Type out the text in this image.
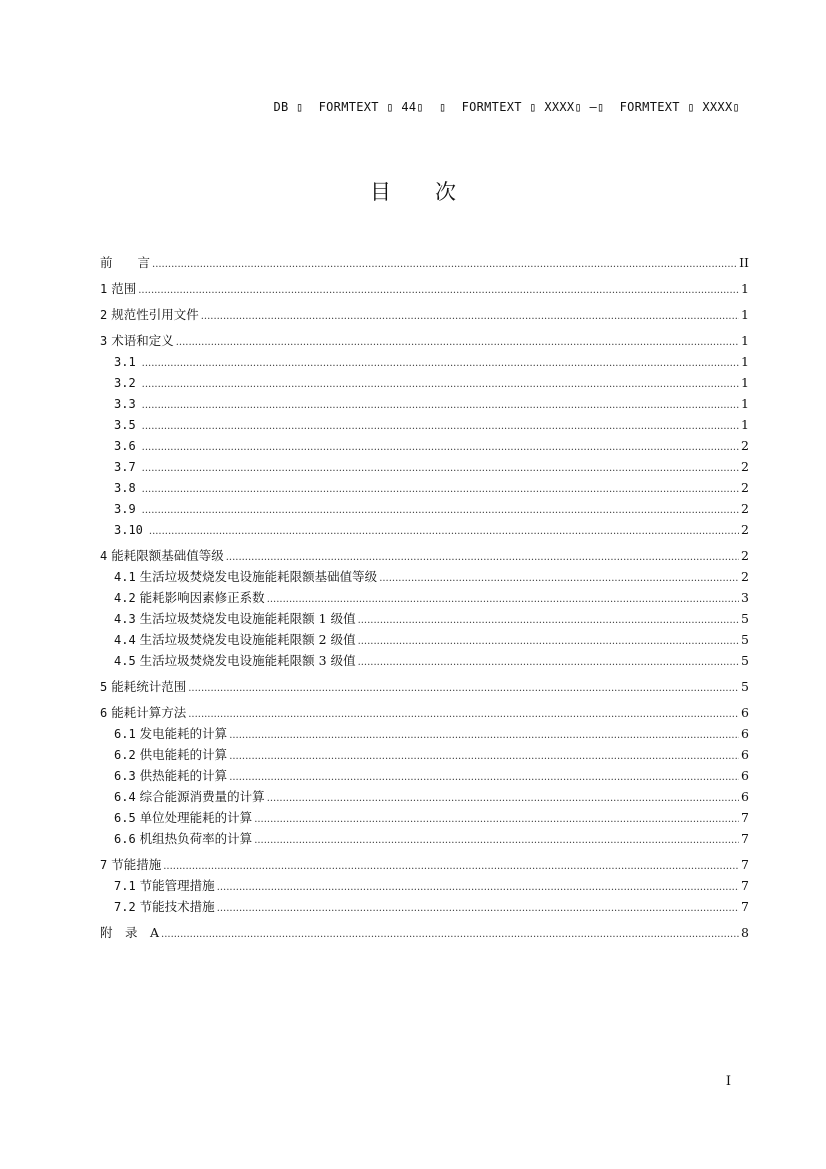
DB ▯  FORMTEXT ▯ 44▯  ▯  FORMTEXT ▯ XXXX▯ —▯  FORMTEXT ▯ XXXX▯
目次
前　　言 .....	II
1 范围 .....	1
2 规范性引用文件 .....	1
3 术语和定义 .....	1
3.1 .....	1
3.2 .....	1
3.3 .....	1
3.5 .....	1
3.6 .....	2
3.7 .....	2
3.8 .....	2
3.9 .....	2
3.10 .....	2
4 能耗限额基础值等级 .....	2
4.1 生活垃圾焚烧发电设施能耗限额基础值等级 .....	2
4.2 能耗影响因素修正系数 .....	3
4.3 生活垃圾焚烧发电设施能耗限额 1 级值 .....	5
4.4 生活垃圾焚烧发电设施能耗限额 2 级值 .....	5
4.5 生活垃圾焚烧发电设施能耗限额 3 级值 .....	5
5 能耗统计范围 .....	5
6 能耗计算方法 .....	6
6.1 发电能耗的计算 .....	6
6.2 供电能耗的计算 .....	6
6.3 供热能耗的计算 .....	6
6.4 综合能源消费量的计算 .....	6
6.5 单位处理能耗的计算 .....	7
6.6 机组热负荷率的计算 .....	7
7 节能措施 .....	7
7.1 节能管理措施 .....	7
7.2 节能技术措施 .....	7
附　录　A .....	8
I
